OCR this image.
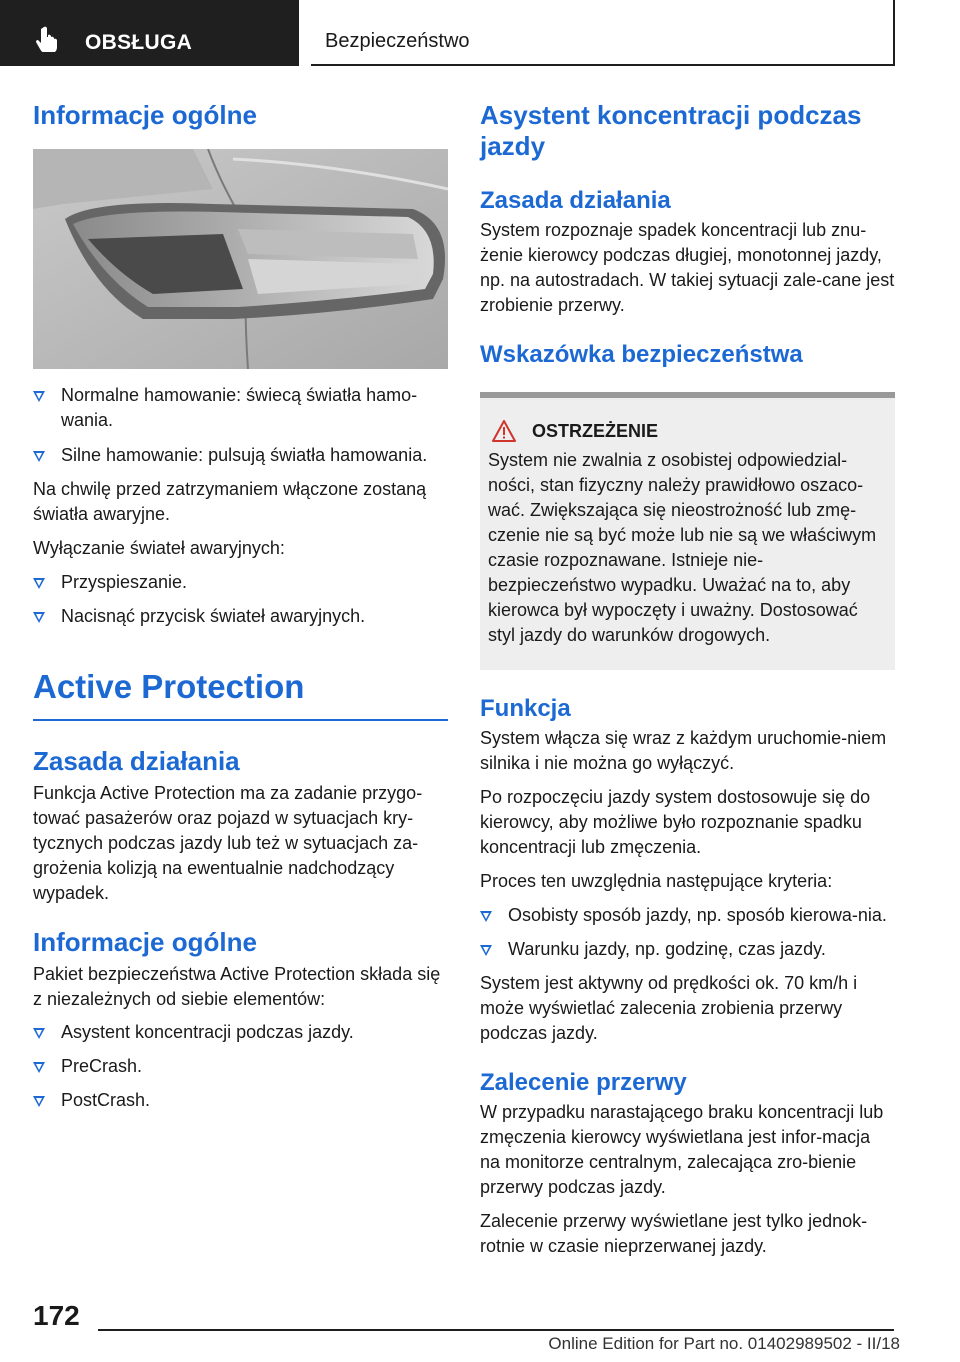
OBSŁUGA	Bezpieczeństwo
Informacje ogólne
Normalne hamowanie: świecą światła hamo-wania.
Silne hamowanie: pulsują światła hamowania.

Na chwilę przed zatrzymaniem włączone zostaną światła awaryjne.

Wyłączanie świateł awaryjnych:

Przyspieszanie.
Nacisnąć przycisk świateł awaryjnych.
Active Protection
Zasada działania

Funkcja Active Protection ma za zadanie przygo-tować pasażerów oraz pojazd w sytuacjach kry-tycznych podczas jazdy lub też w sytuacjach za-grożenia kolizją na ewentualnie nadchodzący wypadek.

Informacje ogólne

Pakiet bezpieczeństwa Active Protection składa się z niezależnych od siebie elementów:

Asystent koncentracji podczas jazdy.
PreCrash.
PostCrash.
Asystent koncentracji podczas jazdy
Zasada działania

System rozpoznaje spadek koncentracji lub znu-żenie kierowcy podczas długiej, monotonnej jazdy, np. na autostradach. W takiej sytuacji zale-cane jest zrobienie przerwy.

Wskazówka bezpieczeństwa
OSTRZEŻENIE

System nie zwalnia z osobistej odpowiedzial-ności, stan fizyczny należy prawidłowo oszaco-wać. Zwiększająca się nieostrożność lub zmę-czenie nie są być może lub nie są we właściwym czasie rozpoznawane. Istnieje nie-bezpieczeństwo wypadku. Uważać na to, aby kierowca był wypoczęty i uważny. Dostosować styl jazdy do warunków drogowych.

Funkcja

System włącza się wraz z każdym uruchomie-niem silnika i nie można go wyłączyć.

Po rozpoczęciu jazdy system dostosowuje się do kierowcy, aby możliwe było rozpoznanie spadku koncentracji lub zmęczenia.

Proces ten uwzględnia następujące kryteria:

Osobisty sposób jazdy, np. sposób kierowa-nia.
Warunku jazdy, np. godzinę, czas jazdy.

System jest aktywny od prędkości ok. 70 km/h i może wyświetlać zalecenia zrobienia przerwy podczas jazdy.

Zalecenie przerwy

W przypadku narastającego braku koncentracji lub zmęczenia kierowcy wyświetlana jest infor-macja na monitorze centralnym, zalecająca zro-bienie przerwy podczas jazdy.

Zalecenie przerwy wyświetlane jest tylko jednok-rotnie w czasie nieprzerwanej jazdy.

172
Online Edition for Part no. 01402989502 - II/18
